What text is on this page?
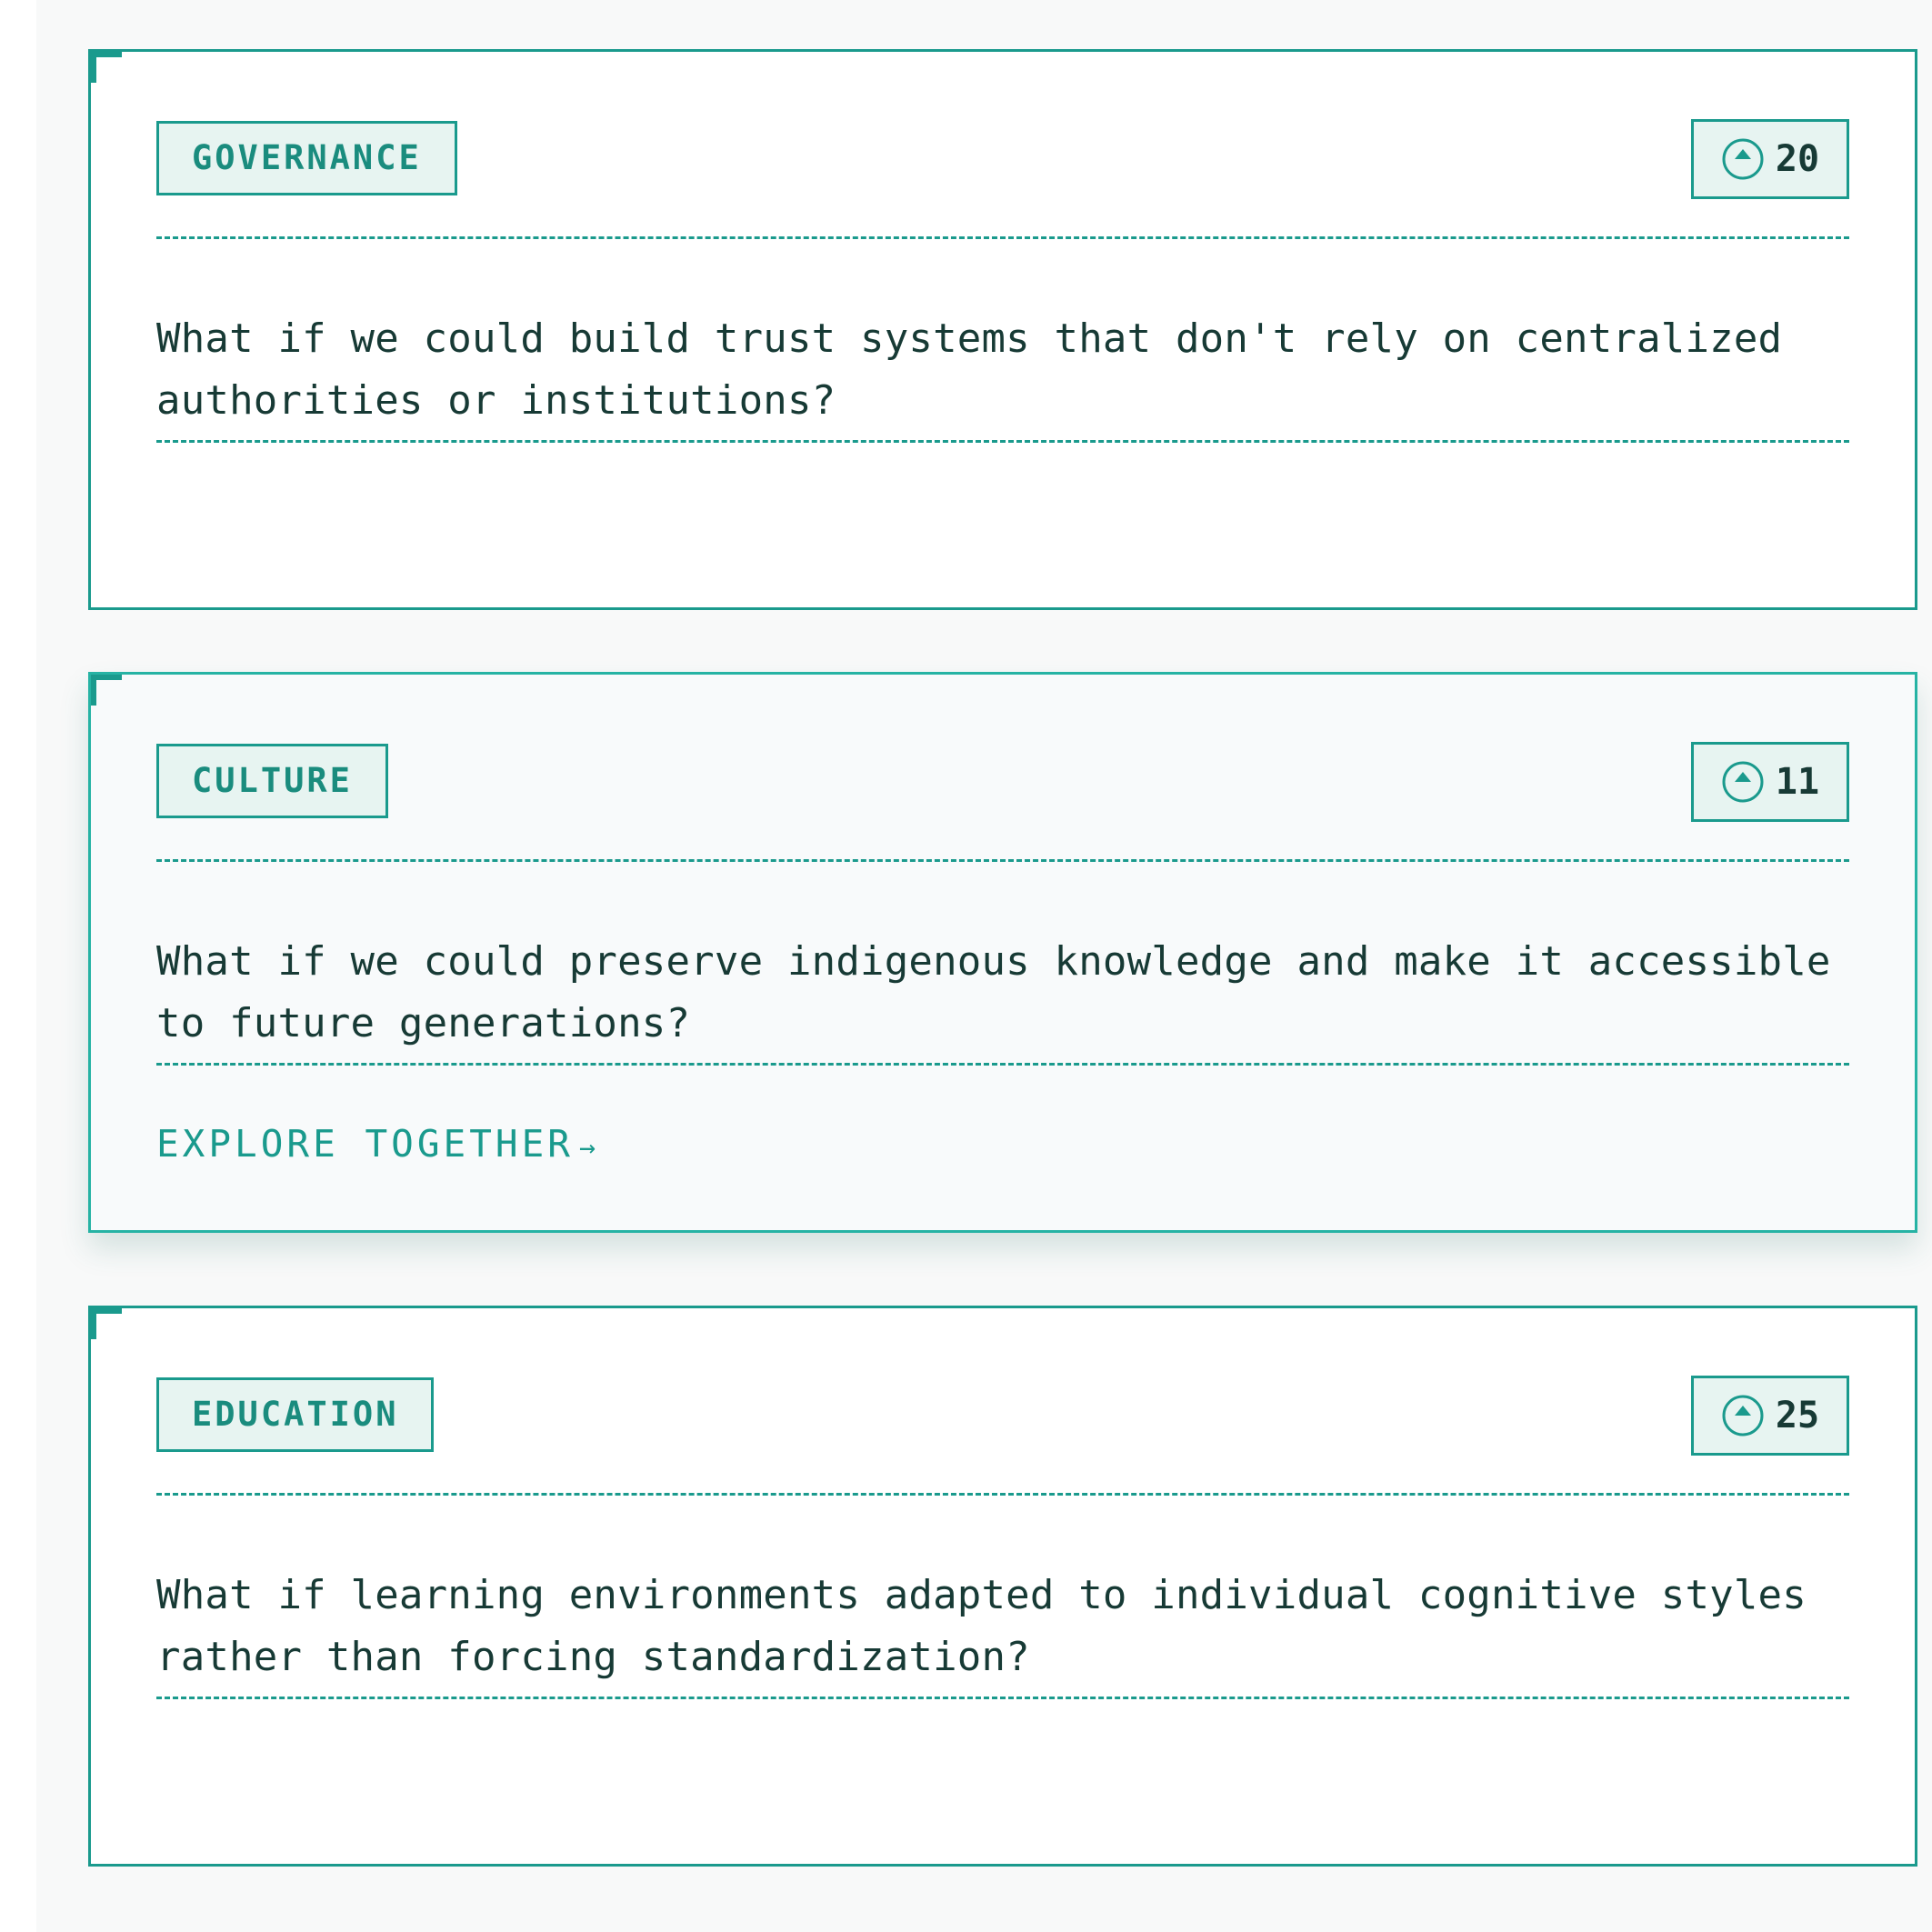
GOVERNANCE	20

What if we could build trust systems that don't rely on centralized authorities or institutions?

CULTURE	11

What if we could preserve indigenous knowledge and make it accessible to future generations?

EXPLORE TOGETHER →
EDUCATION	25

What if learning environments adapted to individual cognitive styles rather than forcing standardization?
